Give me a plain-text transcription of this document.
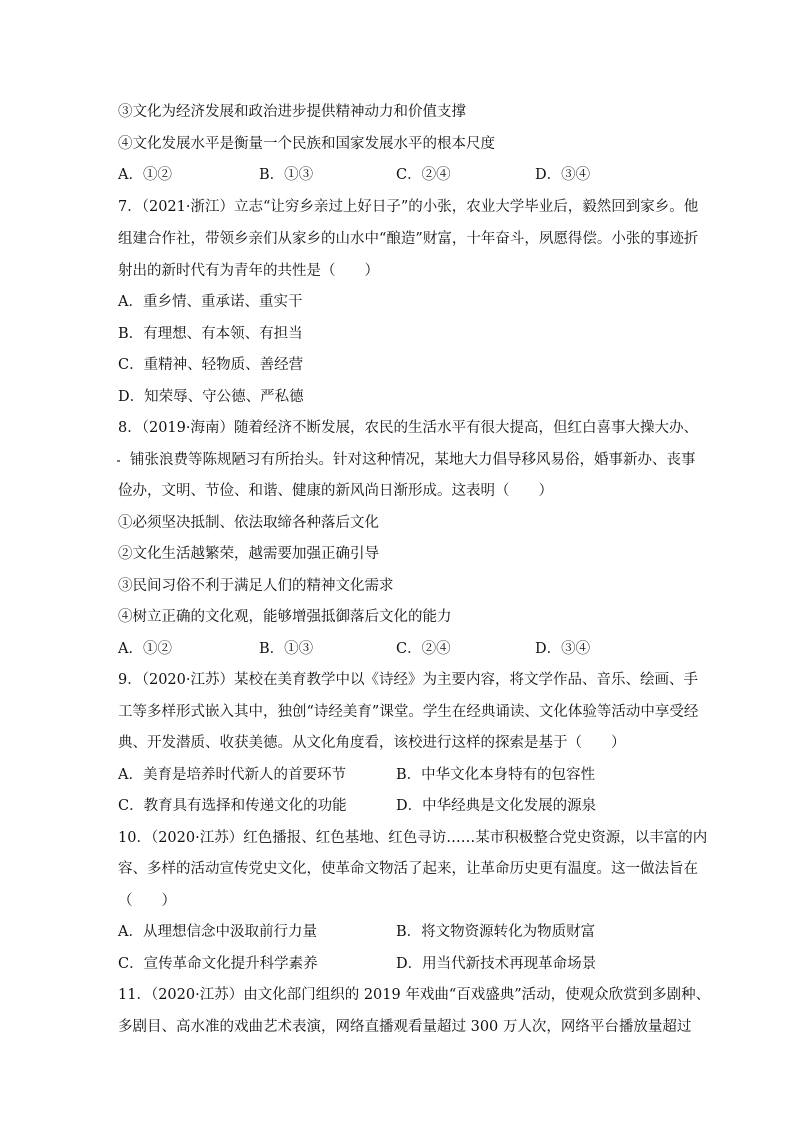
③文化为经济发展和政治进步提供精神动力和价值支撑
④文化发展水平是衡量一个民族和国家发展水平的根本尺度
A．①②	B．①③	C．②④	D．③④
7．（2021·浙江）立志“让穷乡亲过上好日子”的小张，农业大学毕业后，毅然回到家乡。他
组建合作社，带领乡亲们从家乡的山水中“酿造”财富，十年奋斗，夙愿得偿。小张的事迹折
射出的新时代有为青年的共性是（　　）
A．重乡情、重承诺、重实干
B．有理想、有本领、有担当
C．重精神、轻物质、善经营
D．知荣辱、守公德、严私德
8．（2019·海南）随着经济不断发展，农民的生活水平有很大提高，但红白喜事大操大办、
铺张浪费等陈规陋习有所抬头。针对这种情况，某地大力倡导移风易俗，婚事新办、丧事
俭办，文明、节俭、和谐、健康的新风尚日渐形成。这表明（　　）
①必须坚决抵制、依法取缔各种落后文化
②文化生活越繁荣，越需要加强正确引导
③民间习俗不利于满足人们的精神文化需求
④树立正确的文化观，能够增强抵御落后文化的能力
A．①②	B．①③	C．②④	D．③④
9．（2020·江苏）某校在美育教学中以《诗经》为主要内容，将文学作品、音乐、绘画、手
工等多样形式嵌入其中，独创“诗经美育”课堂。学生在经典诵读、文化体验等活动中享受经
典、开发潜质、收获美德。从文化角度看，该校进行这样的探索是基于（　　）
A．美育是培养时代新人的首要环节	B．中华文化本身特有的包容性
C．教育具有选择和传递文化的功能	D．中华经典是文化发展的源泉
10．（2020·江苏）红色播报、红色基地、红色寻访……某市积极整合党史资源，以丰富的内
容、多样的活动宣传党史文化，使革命文物活了起来，让革命历史更有温度。这一做法旨在
（　　）
A．从理想信念中汲取前行力量	B．将文物资源转化为物质财富
C．宣传革命文化提升科学素养	D．用当代新技术再现革命场景
11．（2020·江苏）由文化部门组织的 2019 年戏曲“百戏盛典”活动，使观众欣赏到多剧种、
多剧目、高水准的戏曲艺术表演，网络直播观看量超过 300 万人次，网络平台播放量超过
